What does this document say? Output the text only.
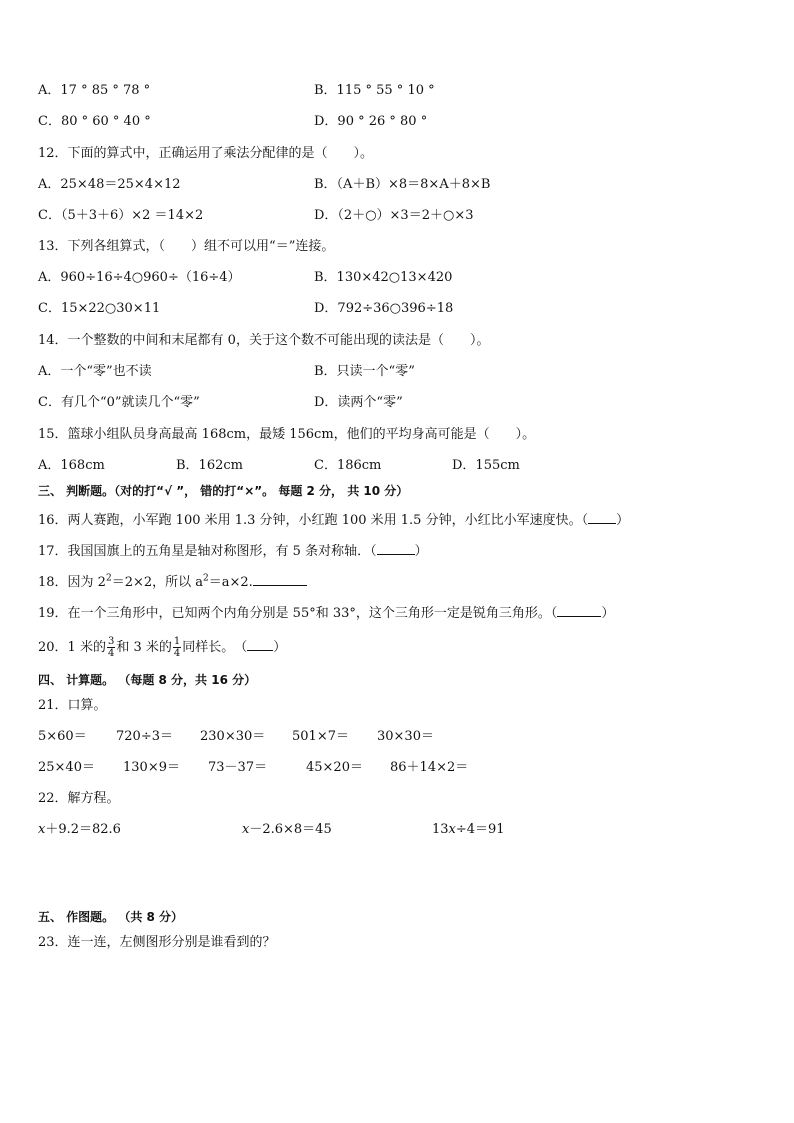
A．17 ° 85 ° 78 °	B．115 ° 55 ° 10 °
C．80 ° 60 ° 40 °	D．90 ° 26 ° 80 °
12．下面的算式中，正确运用了乘法分配律的是（　　）。
A．25×48＝25×4×12	B．（A＋B）×8＝8×A＋8×B
C．（5＋3＋6）×2 ＝14×2	D．（2＋○）×3＝2＋○×3
13．下列各组算式，（　　）组不可以用“＝”连接。
A．960÷16÷4○960÷（16÷4）	B．130×42○13×420
C．15×22○30×11	D．792÷36○396÷18
14．一个整数的中间和末尾都有 0，关于这个数不可能出现的读法是（　　）。
A．一个“零”也不读	B．只读一个“零”
C．有几个“0”就读几个“零”	D．读两个“零”
15．篮球小组队员身高最高 168cm，最矮 156cm，他们的平均身高可能是（　　）。
A．168cm	B．162cm	C．186cm	D．155cm
三、 判断题。（对的打“√ ”， 错的打“×”。 每题 2 分， 共 10 分）
16．两人赛跑，小军跑 100 米用 1.3 分钟，小红跑 100 米用 1.5 分钟，小红比小军速度快。（ ）
17．我国国旗上的五角星是轴对称图形，有 5 条对称轴．（	）
18．因为 $2^2=2\times 2$，所以 $a^2=a\times 2$.
19．在一个三角形中，已知两个内角分别是 55°和 33°，这个三角形一定是锐角三角形。（	）
20．1 米的 $\frac{3}{4}$ 和 3 米的 $\frac{1}{4}$ 同样长。　（ ）
四、 计算题。 （每题 8 分，共 16 分）
21．口算。
5×60＝ 720÷3＝ 230×30＝ 501×7＝ 30×30＝
25×40＝ 130×9＝ 73－37＝	45×20＝ 86＋14×2＝
22．解方程。
𝑥＋9.2＝82.6	𝑥－2.6×8＝45	13𝑥÷4＝91
五、 作图题。 （共 8 分）
23．连一连，左侧图形分别是谁看到的？
